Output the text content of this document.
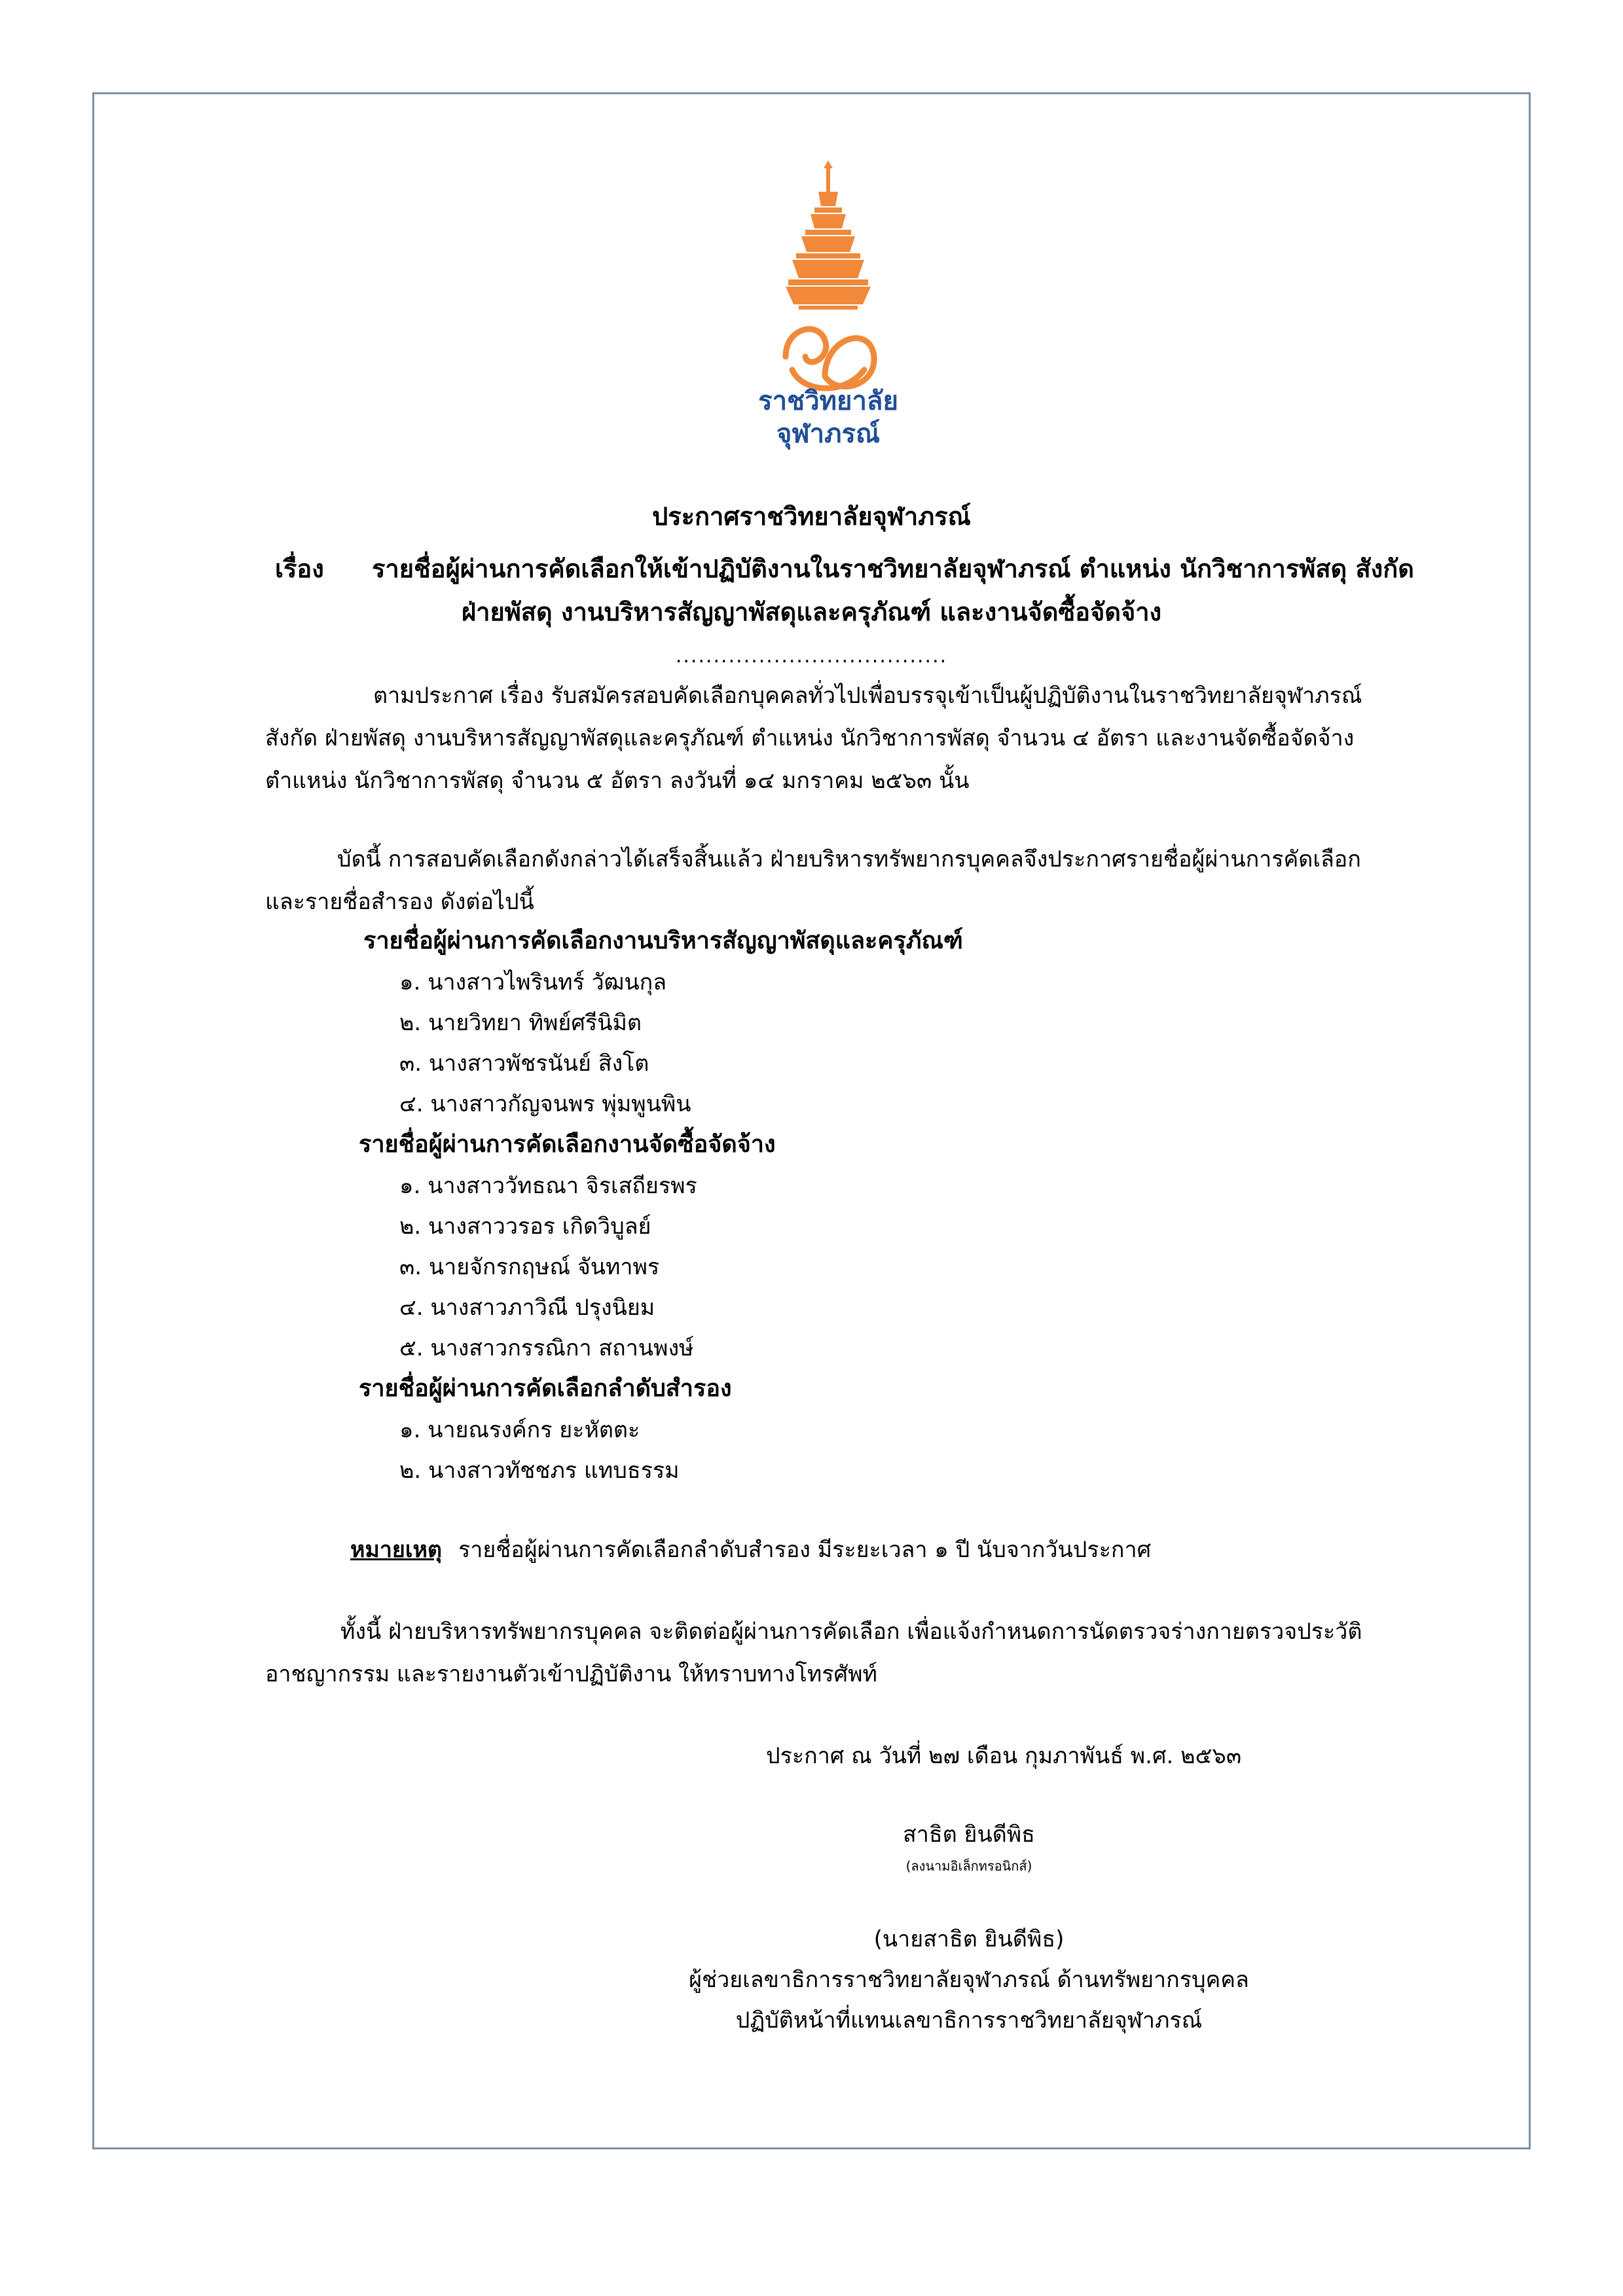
ราชวิทยาลัย
จุฬาภรณ์
ประกาศราชวิทยาลัยจุฬาภรณ์
เรื่อง รายชื่อผู้ผ่านการคัดเลือกให้เข้าปฏิบัติงานในราชวิทยาลัยจุฬาภรณ์ ตำแหน่ง นักวิชาการพัสดุ สังกัด
ฝ่ายพัสดุ งานบริหารสัญญาพัสดุและครุภัณฑ์ และงานจัดซื้อจัดจ้าง
....................................
ตามประกาศ เรื่อง รับสมัครสอบคัดเลือกบุคคลทั่วไปเพื่อบรรจุเข้าเป็นผู้ปฏิบัติงานในราชวิทยาลัยจุฬาภรณ์
สังกัด ฝ่ายพัสดุ งานบริหารสัญญาพัสดุและครุภัณฑ์ ตำแหน่ง นักวิชาการพัสดุ จำนวน ๔ อัตรา และงานจัดซื้อจัดจ้าง
ตำแหน่ง นักวิชาการพัสดุ จำนวน ๕ อัตรา ลงวันที่ ๑๔ มกราคม ๒๕๖๓ นั้น
บัดนี้ การสอบคัดเลือกดังกล่าวได้เสร็จสิ้นแล้ว ฝ่ายบริหารทรัพยากรบุคคลจึงประกาศรายชื่อผู้ผ่านการคัดเลือก
และรายชื่อสำรอง ดังต่อไปนี้
รายชื่อผู้ผ่านการคัดเลือกงานบริหารสัญญาพัสดุและครุภัณฑ์
๑. นางสาวไพรินทร์ วัฒนกุล
๒. นายวิทยา ทิพย์ศรีนิมิต
๓. นางสาวพัชรนันย์ สิงโต
๔. นางสาวกัญจนพร พุ่มพูนพิน
รายชื่อผู้ผ่านการคัดเลือกงานจัดซื้อจัดจ้าง
๑. นางสาววัทธณา จิรเสถียรพร
๒. นางสาววรอร เกิดวิบูลย์
๓. นายจักรกฤษณ์ จันทาพร
๔. นางสาวภาวิณี ปรุงนิยม
๕. นางสาวกรรณิกา สถานพงษ์
รายชื่อผู้ผ่านการคัดเลือกลำดับสำรอง
๑. นายณรงค์กร ยะหัตตะ
๒. นางสาวทัชชภร แทบธรรม
หมายเหตุ รายชื่อผู้ผ่านการคัดเลือกลำดับสำรอง มีระยะเวลา ๑ ปี นับจากวันประกาศ
ทั้งนี้ ฝ่ายบริหารทรัพยากรบุคคล จะติดต่อผู้ผ่านการคัดเลือก เพื่อแจ้งกำหนดการนัดตรวจร่างกายตรวจประวัติ
อาชญากรรม และรายงานตัวเข้าปฏิบัติงาน ให้ทราบทางโทรศัพท์
ประกาศ ณ วันที่ ๒๗ เดือน กุมภาพันธ์ พ.ศ. ๒๕๖๓
สาธิต ยินดีพิธ
(ลงนามอิเล็กทรอนิกส์)
(นายสาธิต ยินดีพิธ)
ผู้ช่วยเลขาธิการราชวิทยาลัยจุฬาภรณ์ ด้านทรัพยากรบุคคล
ปฏิบัติหน้าที่แทนเลขาธิการราชวิทยาลัยจุฬาภรณ์
